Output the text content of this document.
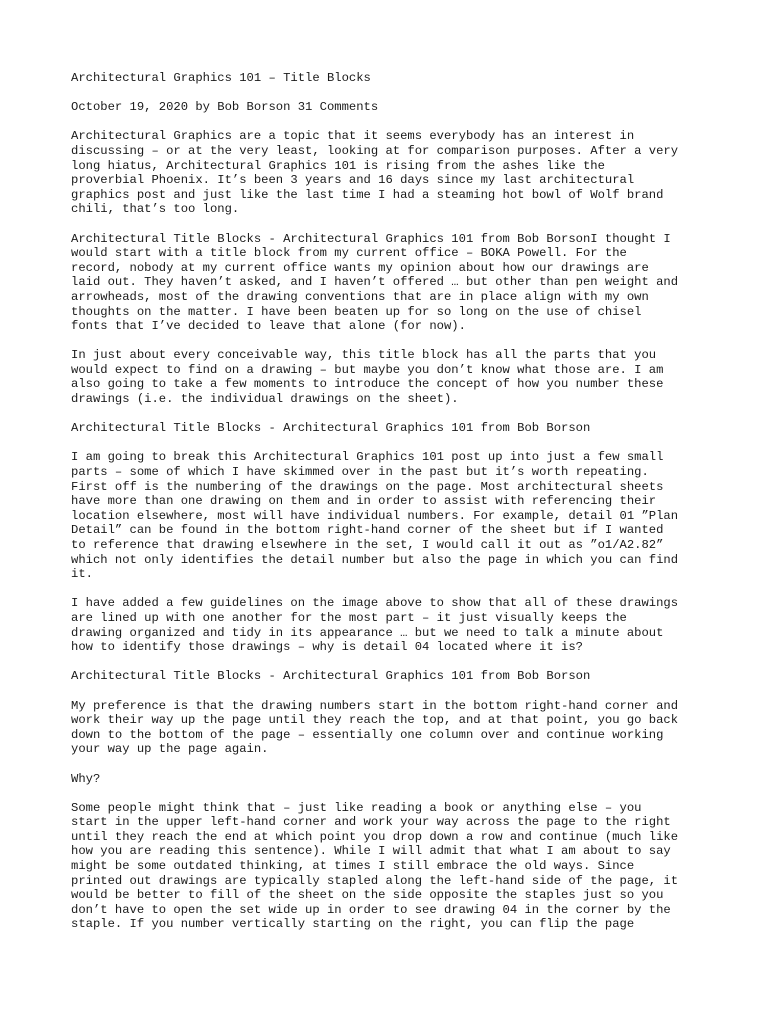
Architectural Graphics 101 – Title Blocks

October 19, 2020 by Bob Borson 31 Comments

Architectural Graphics are a topic that it seems everybody has an interest in
discussing – or at the very least, looking at for comparison purposes. After a very
long hiatus, Architectural Graphics 101 is rising from the ashes like the
proverbial Phoenix. It’s been 3 years and 16 days since my last architectural
graphics post and just like the last time I had a steaming hot bowl of Wolf brand
chili, that’s too long.

Architectural Title Blocks - Architectural Graphics 101 from Bob BorsonI thought I
would start with a title block from my current office – BOKA Powell. For the
record, nobody at my current office wants my opinion about how our drawings are
laid out. They haven’t asked, and I haven’t offered … but other than pen weight and
arrowheads, most of the drawing conventions that are in place align with my own
thoughts on the matter. I have been beaten up for so long on the use of chisel
fonts that I’ve decided to leave that alone (for now).

In just about every conceivable way, this title block has all the parts that you
would expect to find on a drawing – but maybe you don’t know what those are. I am
also going to take a few moments to introduce the concept of how you number these
drawings (i.e. the individual drawings on the sheet).

Architectural Title Blocks - Architectural Graphics 101 from Bob Borson

I am going to break this Architectural Graphics 101 post up into just a few small
parts – some of which I have skimmed over in the past but it’s worth repeating.
First off is the numbering of the drawings on the page. Most architectural sheets
have more than one drawing on them and in order to assist with referencing their
location elsewhere, most will have individual numbers. For example, detail 01 ”Plan
Detail” can be found in the bottom right-hand corner of the sheet but if I wanted
to reference that drawing elsewhere in the set, I would call it out as ”o1/A2.82”
which not only identifies the detail number but also the page in which you can find
it.

I have added a few guidelines on the image above to show that all of these drawings
are lined up with one another for the most part – it just visually keeps the
drawing organized and tidy in its appearance … but we need to talk a minute about
how to identify those drawings – why is detail 04 located where it is?

Architectural Title Blocks - Architectural Graphics 101 from Bob Borson

My preference is that the drawing numbers start in the bottom right-hand corner and
work their way up the page until they reach the top, and at that point, you go back
down to the bottom of the page – essentially one column over and continue working
your way up the page again.

Why?

Some people might think that – just like reading a book or anything else – you
start in the upper left-hand corner and work your way across the page to the right
until they reach the end at which point you drop down a row and continue (much like
how you are reading this sentence). While I will admit that what I am about to say
might be some outdated thinking, at times I still embrace the old ways. Since
printed out drawings are typically stapled along the left-hand side of the page, it
would be better to fill of the sheet on the side opposite the staples just so you
don’t have to open the set wide up in order to see drawing 04 in the corner by the
staple. If you number vertically starting on the right, you can flip the page
